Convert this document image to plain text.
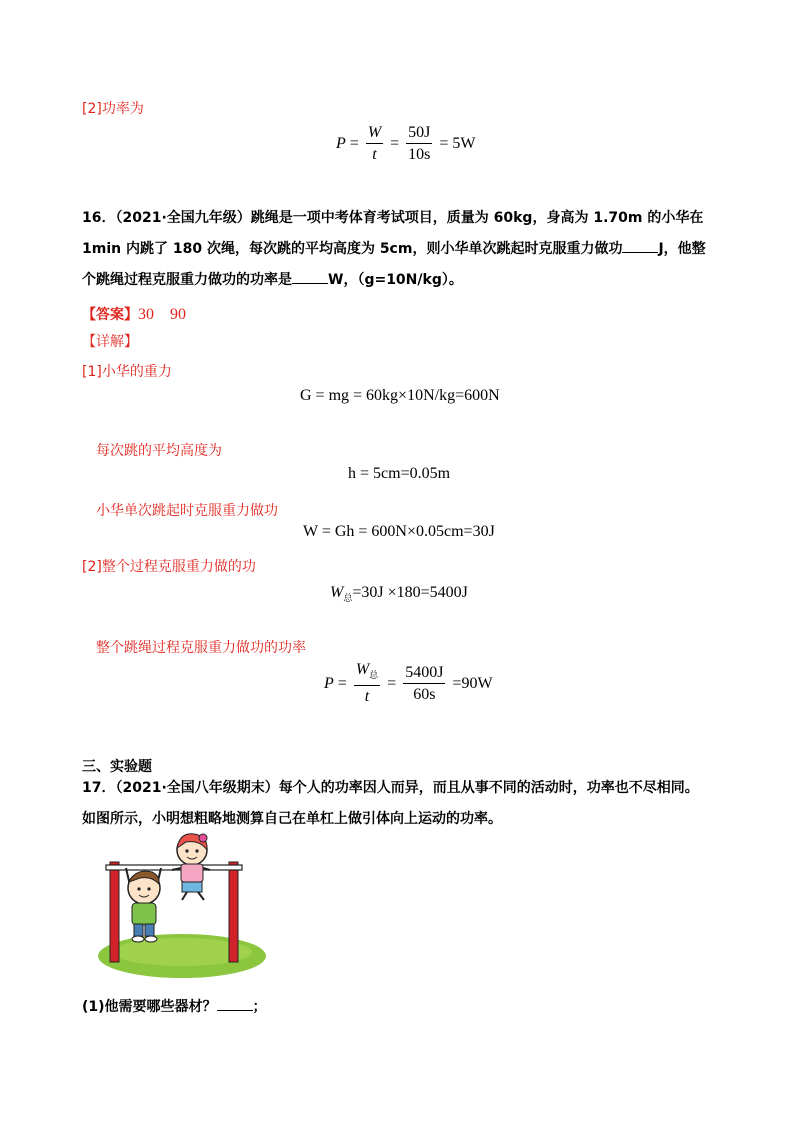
[2]功率为
$P = \frac{W}{t} = \frac{50J}{10s} = 5W$
16．（2021·全国九年级）跳绳是一项中考体育考试项目，质量为 60kg，身高为 1.70m 的小华在
1min 内跳了 180 次绳，每次跳的平均高度为 5cm，则小华单次跳起时克服重力做功	J，他整
个跳绳过程克服重力做功的功率是	W，（g=10N/kg）。
【答案】30　90
【详解】
[1]小华的重力
G = mg = 60kg×10N/kg=600N
每次跳的平均高度为
h = 5cm=0.05m
小华单次跳起时克服重力做功
W = Gh = 600N×0.05cm=30J
[2]整个过程克服重力做的功
$W_总=30J \times 180=5400J$
整个跳绳过程克服重力做功的功率
$P = \frac{W_总}{t} = \frac{5400J}{60s} =90W$
三、实验题
17．（2021·全国八年级期末）每个人的功率因人而异，而且从事不同的活动时，功率也不尽相同。
如图所示，小明想粗略地测算自己在单杠上做引体向上运动的功率。
(1)他需要哪些器材？	；
